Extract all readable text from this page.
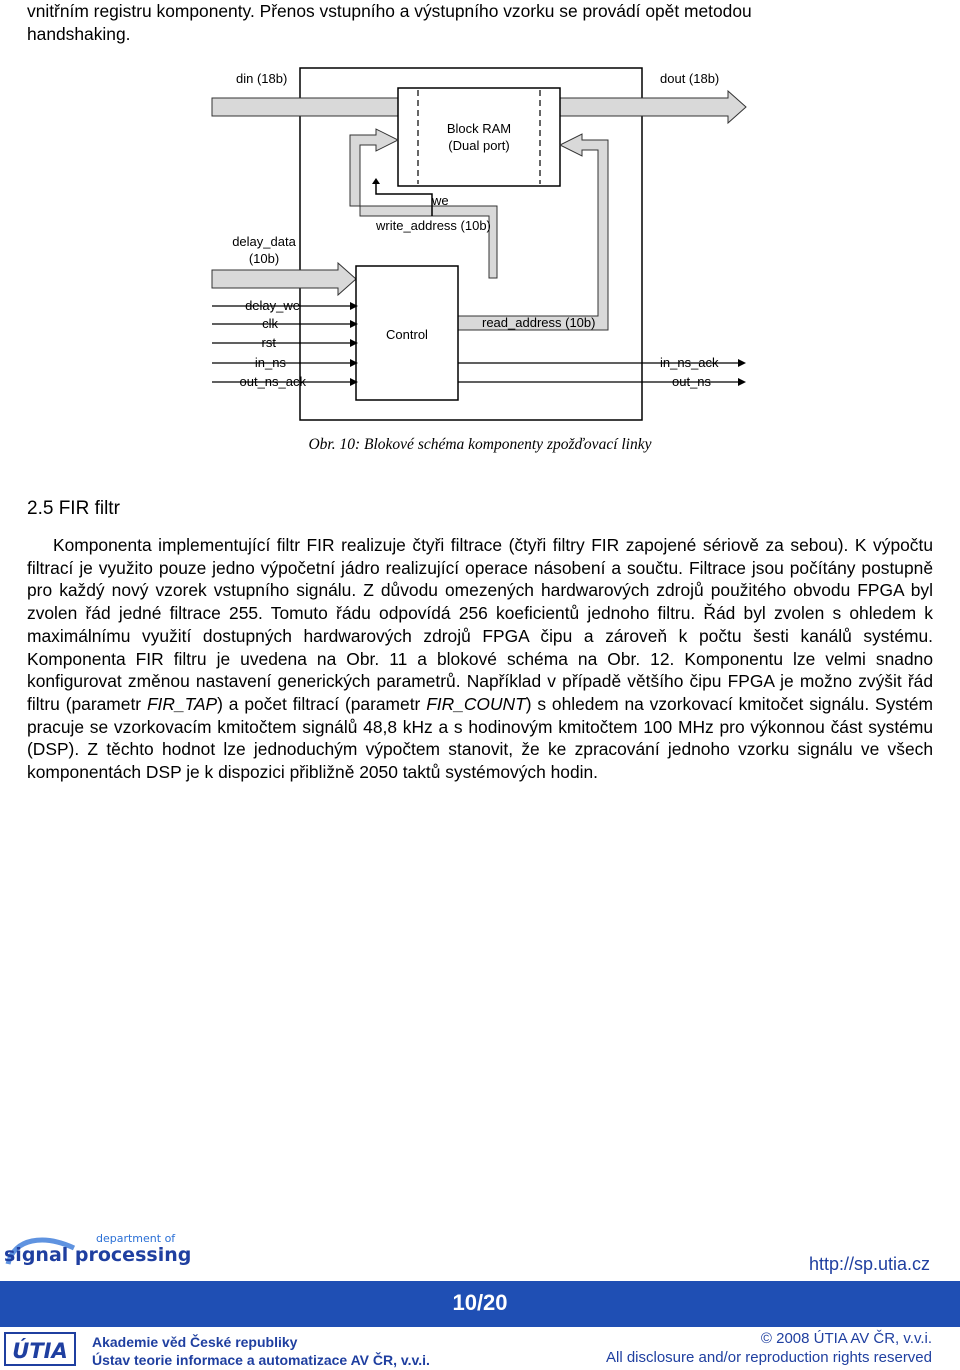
vnitřním registru komponenty. Přenos vstupního a výstupního vzorku se provádí opět metodou
handshaking.

Block RAM
(Dual port)
write_address (10b)
we
read_address (10b)
delay_data
(10b)
Control
delay_we
clk
rst
in_ns
out_ns_ack
in_ns_ack
out_ns
din (18b)	dout (18b)
Obr. 10: Blokové schéma komponenty zpožďovací linky
2.5 FIR filtr

Komponenta implementující filtr FIR realizuje čtyři filtrace (čtyři filtry FIR zapojené sériově za sebou). K výpočtu filtrací je využito pouze jedno výpočetní jádro realizující operace násobení a součtu. Filtrace jsou počítány postupně pro každý nový vzorek vstupního signálu. Z důvodu omezených hardwarových zdrojů použitého obvodu FPGA byl zvolen řád jedné filtrace 255. Tomuto řádu odpovídá 256 koeficientů jednoho filtru. Řád byl zvolen s ohledem k maximálnímu využití dostupných hardwarových zdrojů FPGA čipu a zároveň k počtu šesti kanálů systému. Komponenta FIR filtru je uvedena na Obr. 11 a blokové schéma na Obr. 12. Komponentu lze velmi snadno konfigurovat změnou nastavení generických parametrů. Například v případě většího čipu FPGA je možno zvýšit řád filtru (parametr FIR_TAP) a počet filtrací (parametr FIR_COUNT) s ohledem na vzorkovací kmitočet signálu. Systém pracuje se vzorkovacím kmitočtem signálů 48,8 kHz a s hodinovým kmitočtem 100 MHz pro výkonnou část systému (DSP). Z těchto hodnot lze jednoduchým výpočtem stanovit, že ke zpracování jednoho vzorku signálu ve všech komponentách DSP je k dispozici přibližně 2050 taktů systémových hodin.

department of
signal processing	http://sp.utia.cz
10/20
ÚTIA Akademie věd České republiky
Ústav teorie informace a automatizace AV ČR, v.v.i.
© 2008 ÚTIA AV ČR, v.v.i.
All disclosure and/or reproduction rights reserved
